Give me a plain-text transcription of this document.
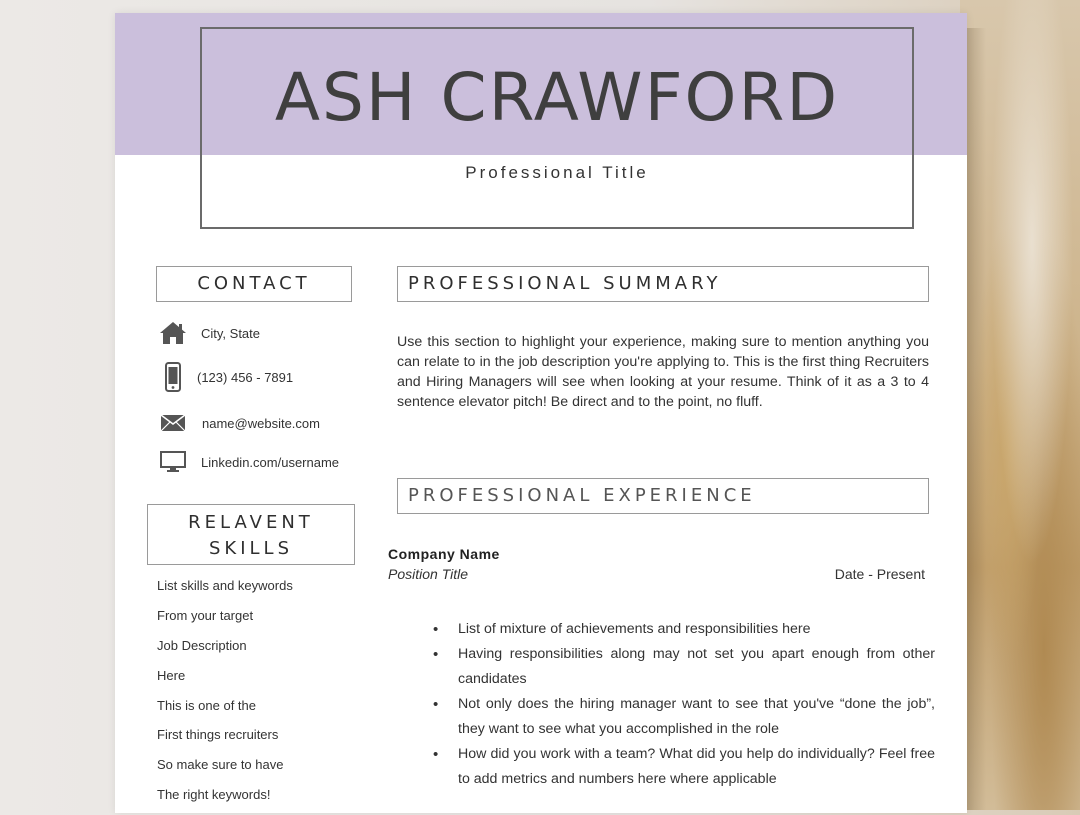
ASH CRAWFORD
Professional Title
CONTACT
City, State
(123) 456 - 7891
name@website.com
Linkedin.com/username
RELAVENT
SKILLS
List skills and keywords
From your target
Job Description
Here
This is one of the
First things recruiters
So make sure to have
The right keywords!
PROFESSIONAL SUMMARY
Use this section to highlight your experience, making sure to mention anything you can relate to in the job description you're applying to. This is the first thing Recruiters and Hiring Managers will see when looking at your resume. Think of it as a 3 to 4 sentence elevator pitch! Be direct and to the point, no fluff.
PROFESSIONAL EXPERIENCE
Company Name
Position Title	Date - Present
• List of mixture of achievements and responsibilities here
• Having responsibilities along may not set you apart enough from other candidates
• Not only does the hiring manager want to see that you've “done the job”, they want to see what you accomplished in the role
• How did you work with a team? What did you help do individually? Feel free to add metrics and numbers here where applicable
